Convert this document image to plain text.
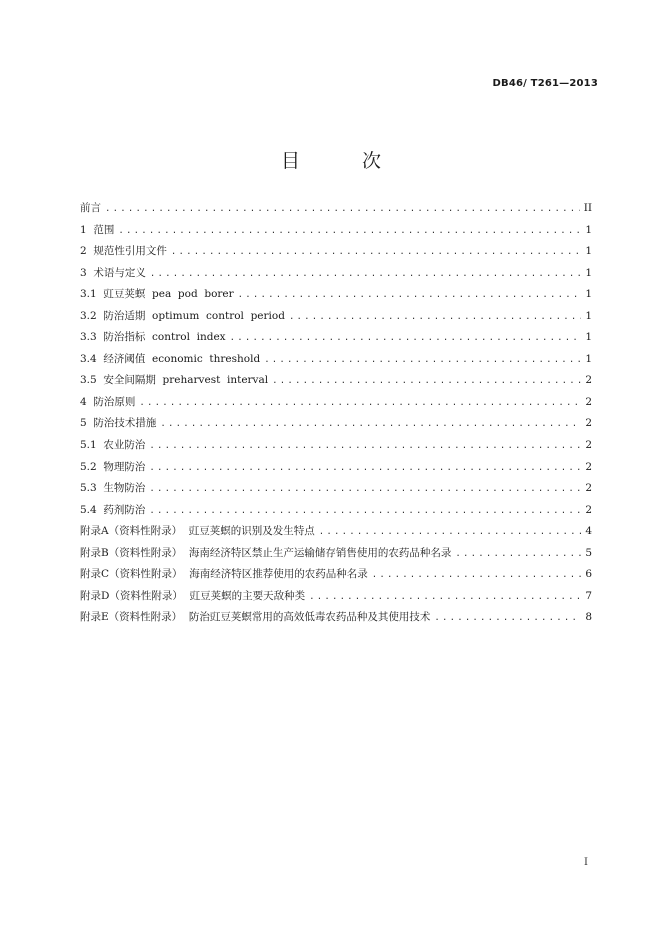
DB46/ T261—2013
目 次
前言 .....	II
1  范围 .....	1
2  规范性引用文件 .....	1
3  术语与定义 .....	1
3.1  豇豆荚螟  pea  pod  borer .....	1
3.2  防治适期  optimum  control  period .....	1
3.3  防治指标  control  index .....	1
3.4  经济阈值  economic  threshold .....	1
3.5  安全间隔期  preharvest  interval .....	2
4  防治原则 .....	2
5  防治技术措施 .....	2
5.1  农业防治 .....	2
5.2  物理防治 .....	2
5.3  生物防治 .....	2
5.4  药剂防治 .....	2
附录A（资料性附录）  豇豆荚螟的识别及发生特点 .....	4
附录B（资料性附录）  海南经济特区禁止生产运输储存销售使用的农药品种名录 .....	5
附录C（资料性附录）  海南经济特区推荐使用的农药品种名录 .....	6
附录D（资料性附录）  豇豆荚螟的主要天敌种类 .....	7
附录E（资料性附录）  防治豇豆荚螟常用的高效低毒农药品种及其使用技术 .....	8
I
